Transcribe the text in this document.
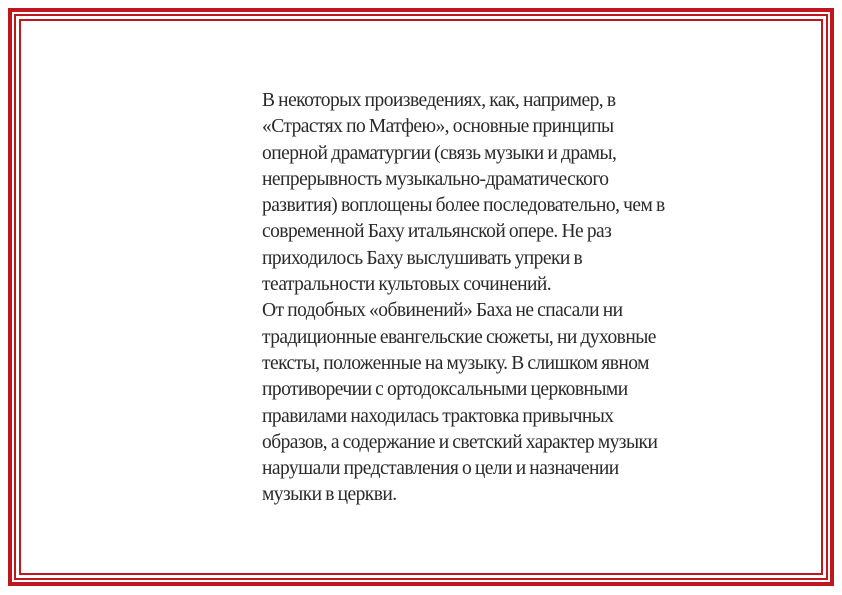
В некоторых произведениях, как, например, в
«Страстях по Матфею», основные принципы
оперной драматургии (связь музыки и драмы,
непрерывность музыкально-драматического
развития) воплощены более последовательно, чем в
современной Баху итальянской опере. Не раз
приходилось Баху выслушивать упреки в
театральности культовых сочинений.
От подобных «обвинений» Баха не спасали ни
традиционные евангельские сюжеты, ни духовные
тексты, положенные на музыку. В слишком явном
противоречии с ортодоксальными церковными
правилами находилась трактовка привычных
образов, а содержание и светский характер музыки
нарушали представления о цели и назначении
музыки в церкви.
